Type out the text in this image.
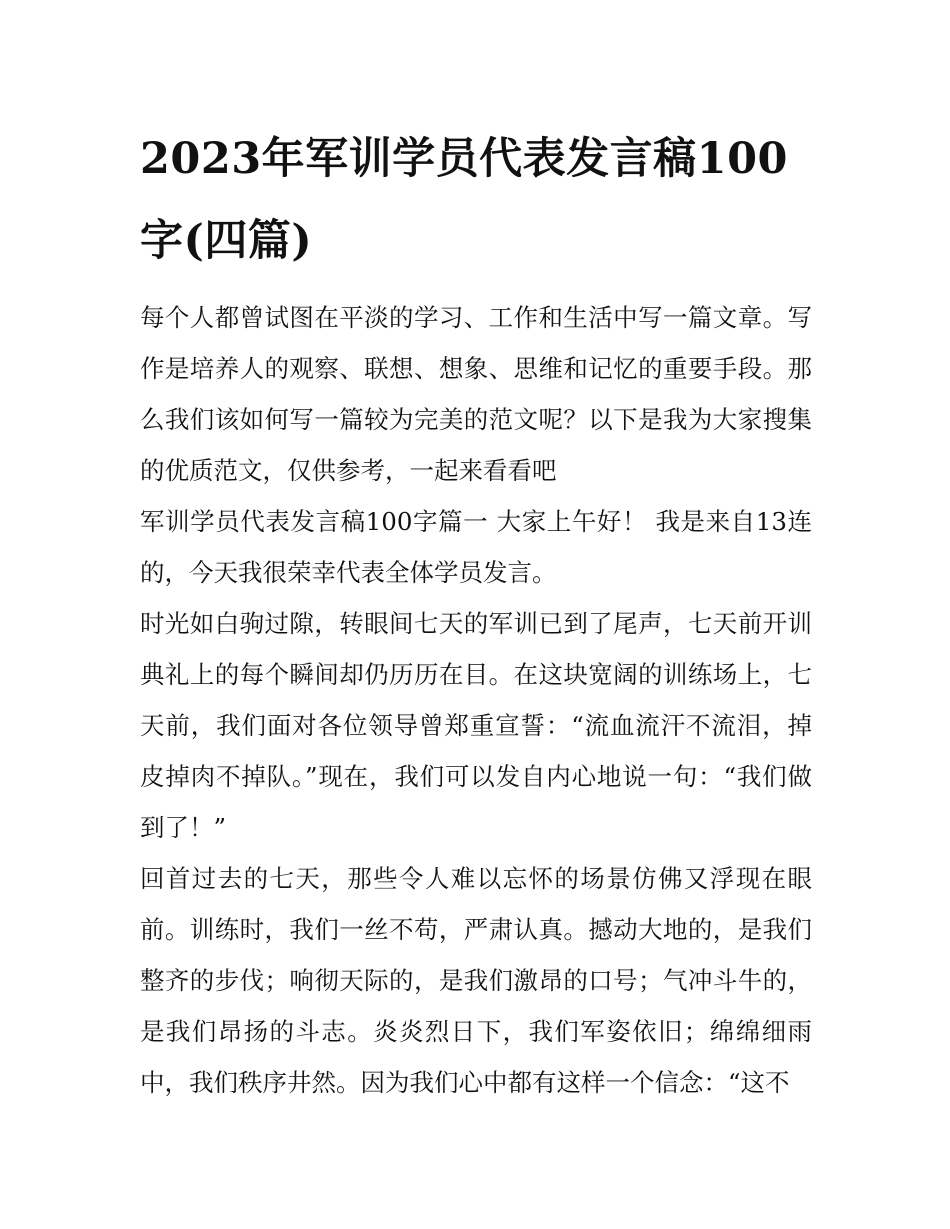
2023年军训学员代表发言稿100字(四篇)

每个人都曾试图在平淡的学习、工作和生活中写一篇文章。写作是培养人的观察、联想、想象、思维和记忆的重要手段。那么我们该如何写一篇较为完美的范文呢？以下是我为大家搜集的优质范文，仅供参考，一起来看看吧

军训学员代表发言稿100字篇一 大家上午好！ 我是来自13连的，今天我很荣幸代表全体学员发言。

时光如白驹过隙，转眼间七天的军训已到了尾声，七天前开训典礼上的每个瞬间却仍历历在目。在这块宽阔的训练场上，七天前，我们面对各位领导曾郑重宣誓：“流血流汗不流泪，掉皮掉肉不掉队。”现在，我们可以发自内心地说一句：“我们做到了！”

回首过去的七天，那些令人难以忘怀的场景仿佛又浮现在眼前。训练时，我们一丝不苟，严肃认真。撼动大地的，是我们整齐的步伐；响彻天际的，是我们激昂的口号；气冲斗牛的，是我们昂扬的斗志。炎炎烈日下，我们军姿依旧；绵绵细雨中，我们秩序井然。因为我们心中都有这样一个信念：“这不
